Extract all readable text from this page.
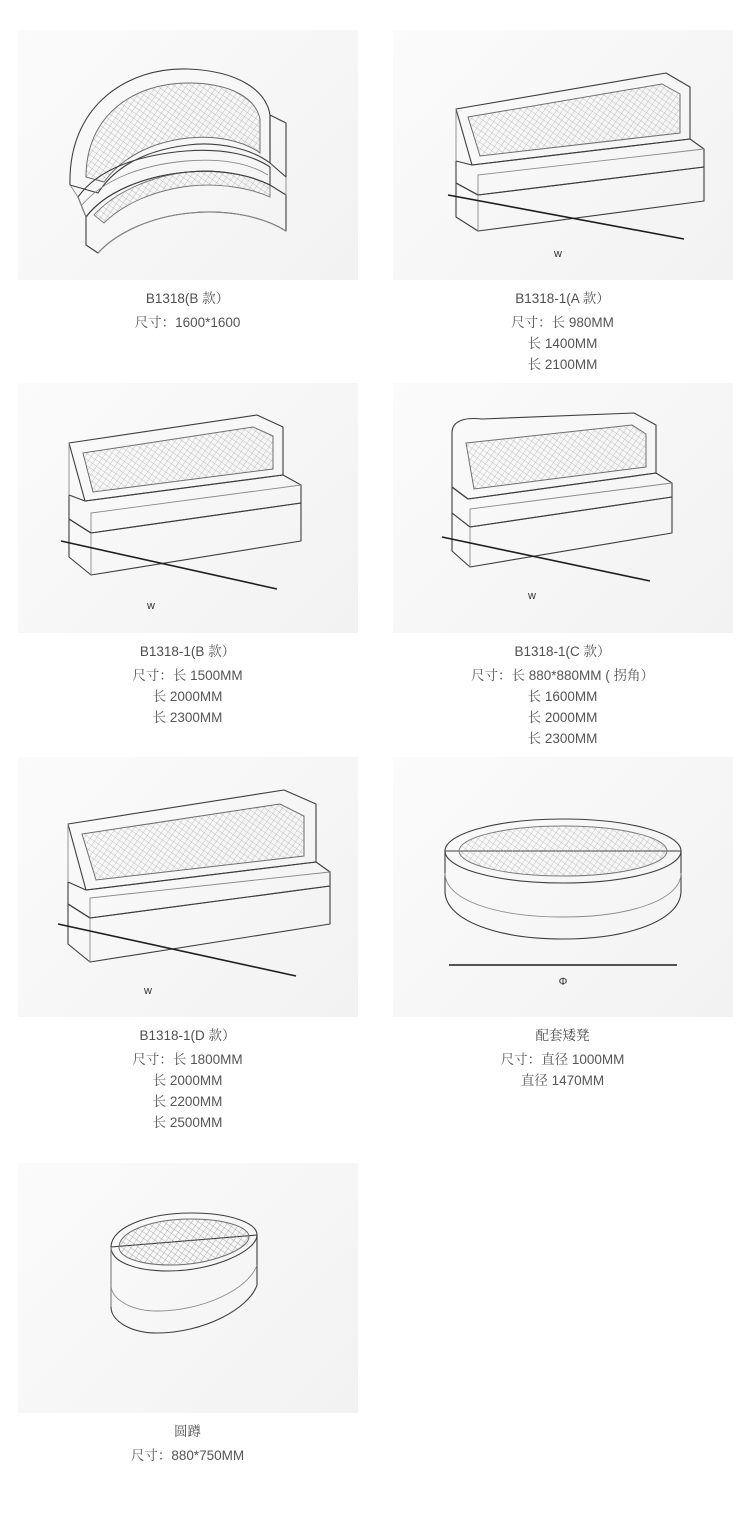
B1318(B 款）
尺寸：1600*1600
w
B1318-1(A 款）
尺寸：长 980MM
长 1400MM
长 2100MM
w
B1318-1(B 款）
尺寸：长 1500MM
长 2000MM
长 2300MM
w
B1318-1(C 款）
尺寸：长 880*880MM ( 拐角）
长 1600MM
长 2000MM
长 2300MM
w
B1318-1(D 款）
尺寸：长 1800MM
长 2000MM
长 2200MM
长 2500MM
Φ
配套矮凳
尺寸：直径 1000MM
直径 1470MM
圆蹲
尺寸：880*750MM
